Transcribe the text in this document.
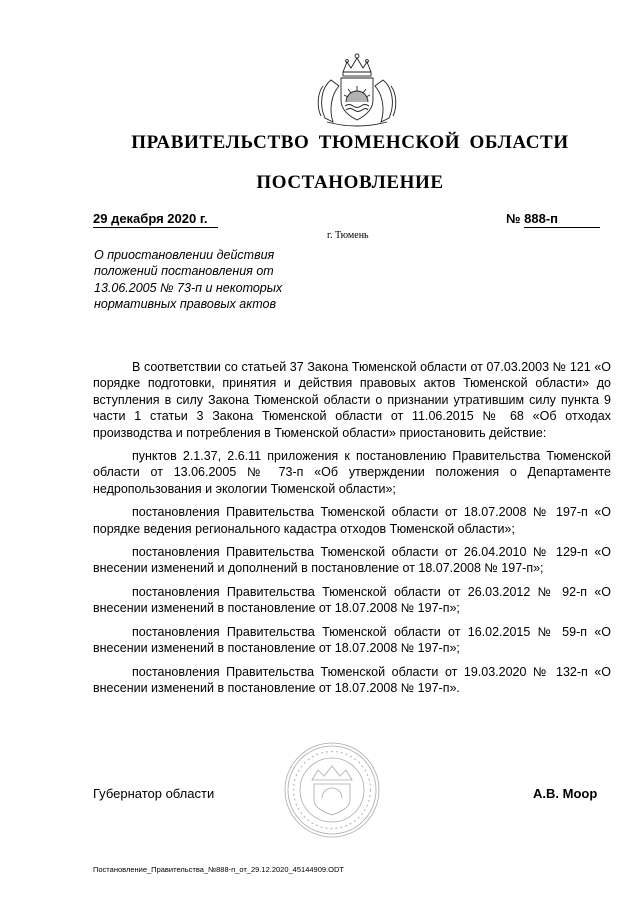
ПРАВИТЕЛЬСТВО ТЮМЕНСКОЙ ОБЛАСТИ
ПОСТАНОВЛЕНИЕ
29 декабря 2020 г.
г. Тюмень
№ 888-п
О приостановлении действия положений постановления от 13.06.2005 № 73-п и некоторых нормативных правовых актов

В соответствии со статьей 37 Закона Тюменской области от 07.03.2003 № 121 «О порядке подготовки, принятия и действия правовых актов Тюменской области» до вступления в силу Закона Тюменской области о признании утратившим силу пункта 9 части 1 статьи 3 Закона Тюменской области от 11.06.2015 № 68 «Об отходах производства и потребления в Тюменской области» приостановить действие:

пунктов 2.1.37, 2.6.11 приложения к постановлению Правительства Тюменской области от 13.06.2005 № 73-п «Об утверждении положения о Департаменте недропользования и экологии Тюменской области»;

постановления Правительства Тюменской области от 18.07.2008 № 197-п «О порядке ведения регионального кадастра отходов Тюменской области»;

постановления Правительства Тюменской области от 26.04.2010 № 129-п «О внесении изменений и дополнений в постановление от 18.07.2008 № 197-п»;

постановления Правительства Тюменской области от 26.03.2012 № 92-п «О внесении изменений в постановление от 18.07.2008 № 197-п»;

постановления Правительства Тюменской области от 16.02.2015 № 59-п «О внесении изменений в постановление от 18.07.2008 № 197-п»;

постановления Правительства Тюменской области от 19.03.2020 № 132-п «О внесении изменений в постановление от 18.07.2008 № 197-п».

Губернатор области	А.В. Моор
Постановление_Правительства_№888-п_от_29.12.2020_45144909.ODT
